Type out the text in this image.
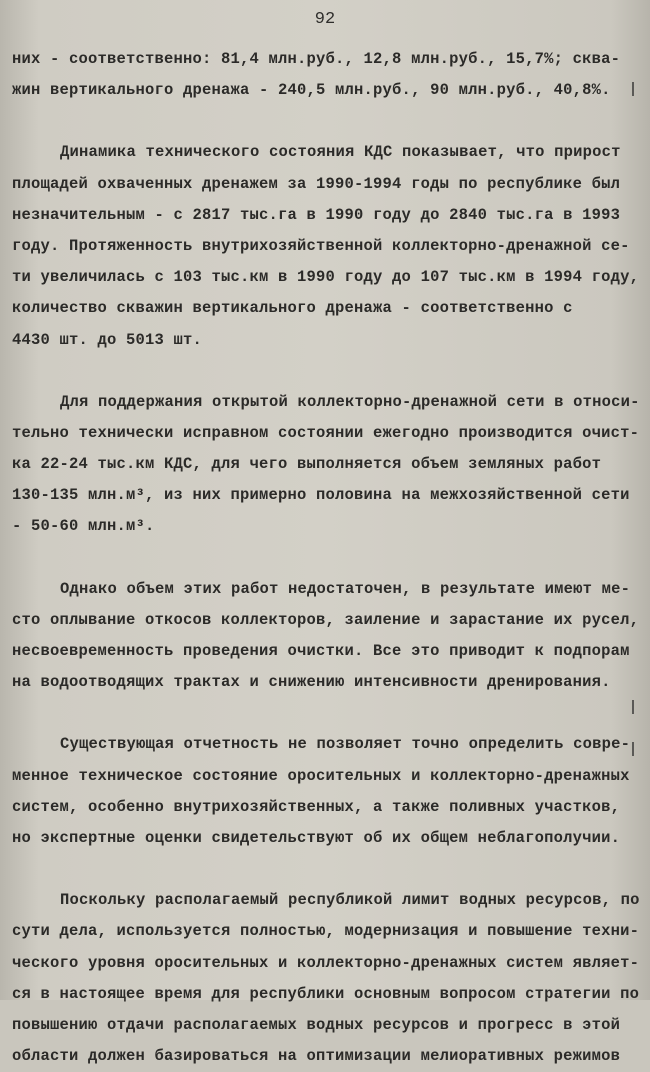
92
них - соответственно: 81,4 млн.руб., 12,8 млн.руб., 15,7%; сква-
жин вертикального дренажа - 240,5 млн.руб., 90 млн.руб., 40,8%.
Динамика технического состояния КДС показывает, что прирост
площадей охваченных дренажем за 1990-1994 годы по республике был
незначительным - с 2817 тыс.га в 1990 году до 2840 тыс.га в 1993
году. Протяженность внутрихозяйственной коллекторно-дренажной се-
ти увеличилась с 103 тыс.км в 1990 году до 107 тыс.км в 1994 году,
количество скважин вертикального дренажа - соответственно с
4430 шт. до 5013 шт.
Для поддержания открытой коллекторно-дренажной сети в относи-
тельно технически исправном состоянии ежегодно производится очист-
ка 22-24 тыс.км КДС, для чего выполняется объем земляных работ
130-135 млн.м³, из них примерно половина на межхозяйственной сети
- 50-60 млн.м³.
Однако объем этих работ недостаточен, в результате имеют ме-
сто оплывание откосов коллекторов, заиление и зарастание их русел,
несвоевременность проведения очистки. Все это приводит к подпорам
на водоотводящих трактах и снижению интенсивности дренирования.
Существующая отчетность не позволяет точно определить совре-
менное техническое состояние оросительных и коллекторно-дренажных
систем, особенно внутрихозяйственных, а также поливных участков,
но экспертные оценки свидетельствуют об их общем неблагополучии.
Поскольку располагаемый республикой лимит водных ресурсов, по
сути дела, используется полностью, модернизация и повышение техни-
ческого уровня оросительных и коллекторно-дренажных систем являет-
ся в настоящее время для республики основным вопросом стратегии по
повышению отдачи располагаемых водных ресурсов и прогресс в этой
области должен базироваться на оптимизации мелиоративных режимов
